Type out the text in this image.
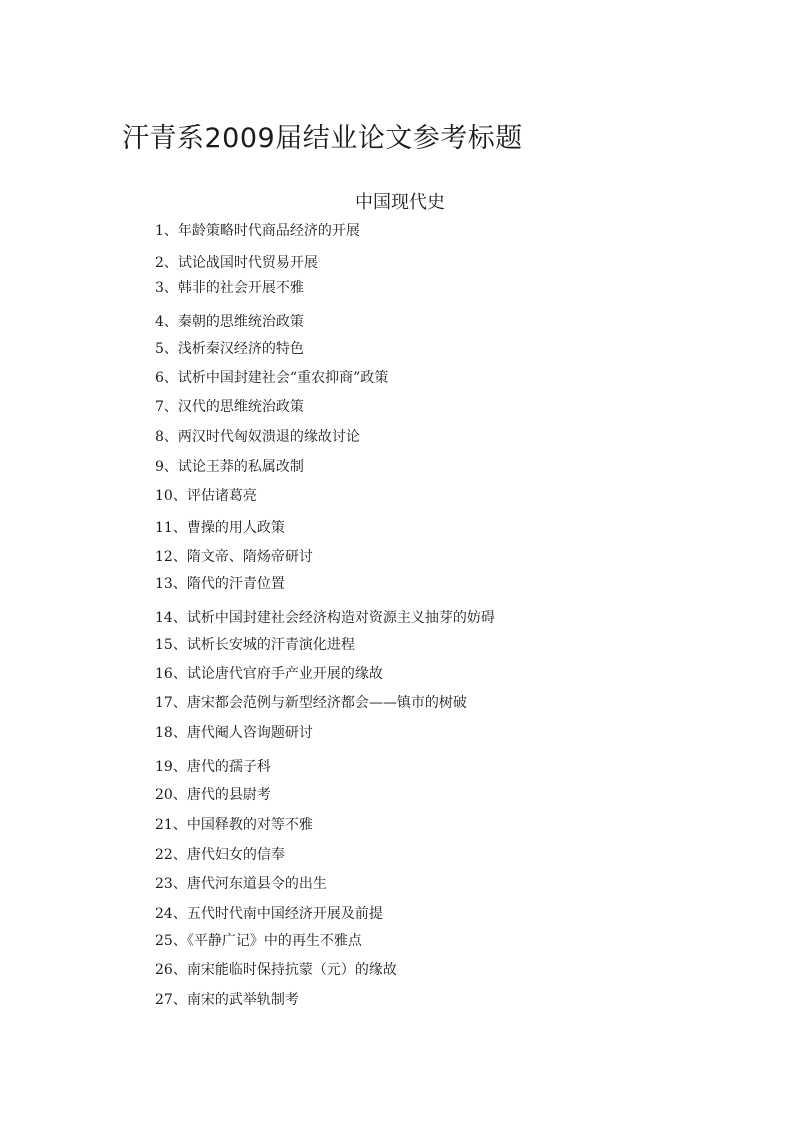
汗青系2009届结业论文参考标题
中国现代史
1、年龄策略时代商品经济的开展
2、试论战国时代贸易开展
3、韩非的社会开展不雅
4、秦朝的思维统治政策
5、浅析秦汉经济的特色
6、试析中国封建社会“重农抑商”政策
7、汉代的思维统治政策
8、两汉时代匈奴溃退的缘故讨论
9、试论王莽的私属改制
10、评估诸葛亮
11、曹操的用人政策
12、隋文帝、隋炀帝研讨
13、隋代的汗青位置
14、试析中国封建社会经济构造对资源主义抽芽的妨碍
15、试析长安城的汗青演化进程
16、试论唐代官府手产业开展的缘故
17、唐宋都会范例与新型经济都会——镇市的树破
18、唐代阉人咨询题研讨
19、唐代的孺子科
20、唐代的县尉考
21、中国释教的对等不雅
22、唐代妇女的信奉
23、唐代河东道县令的出生
24、五代时代南中国经济开展及前提
25、《平静广记》中的再生不雅点
26、南宋能临时保持抗蒙（元）的缘故
27、南宋的武举轨制考
